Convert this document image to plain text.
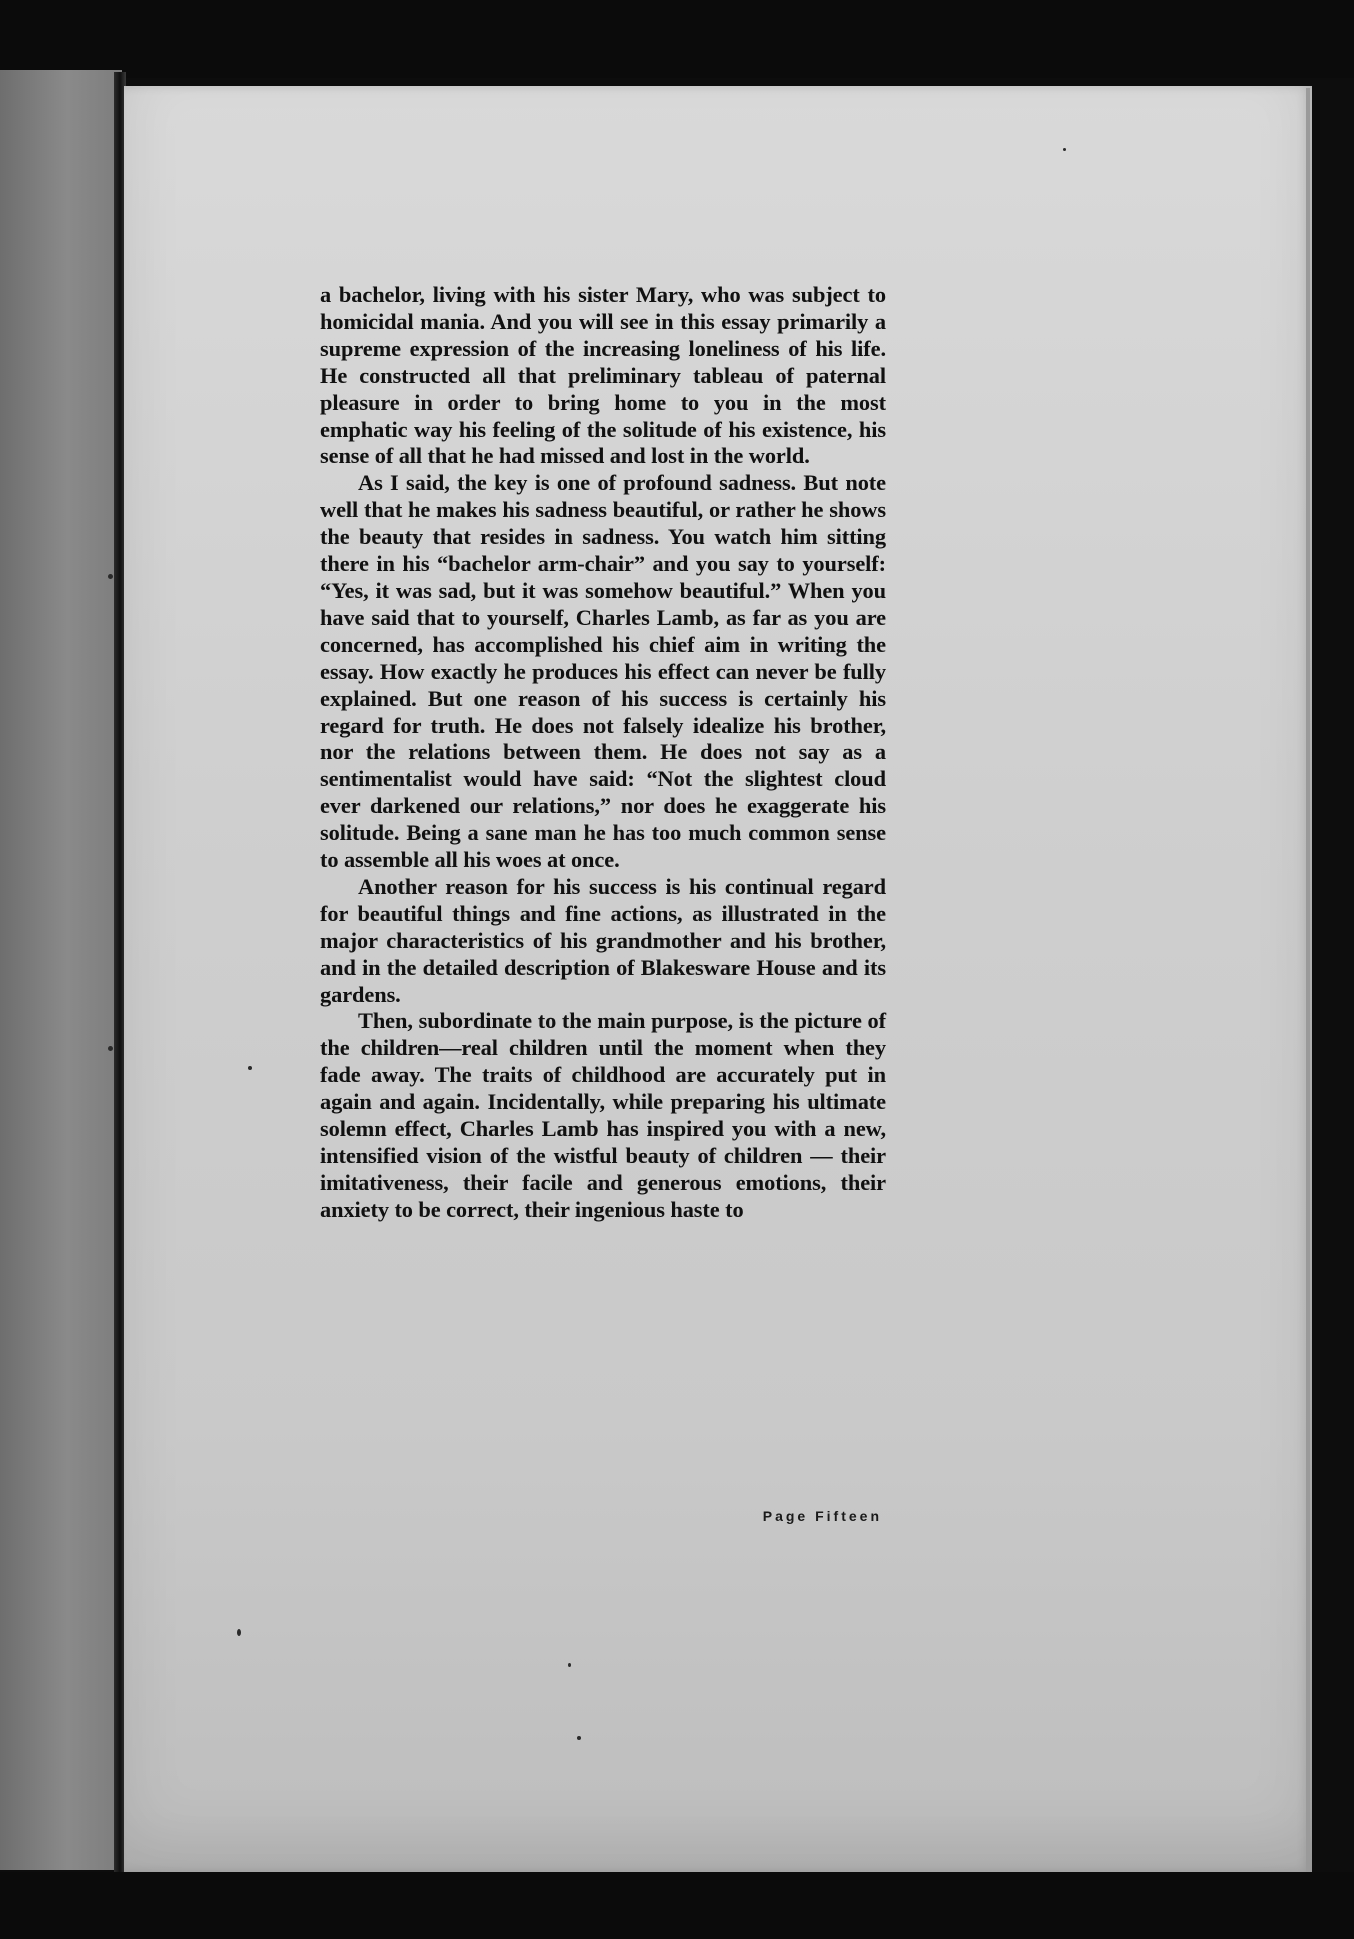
a bachelor, living with his sister Mary, who was subject to homicidal mania. And you will see in this essay primarily a supreme expression of the increasing loneliness of his life. He constructed all that preliminary tableau of paternal pleasure in order to bring home to you in the most emphatic way his feeling of the solitude of his existence, his sense of all that he had missed and lost in the world.

As I said, the key is one of profound sadness. But note well that he makes his sadness beautiful, or rather he shows the beauty that resides in sadness. You watch him sitting there in his “bachelor arm-chair” and you say to yourself: “Yes, it was sad, but it was somehow beautiful.” When you have said that to yourself, Charles Lamb, as far as you are concerned, has accomplished his chief aim in writing the essay. How exactly he produces his effect can never be fully explained. But one reason of his success is certainly his regard for truth. He does not falsely idealize his brother, nor the relations between them. He does not say as a sentimentalist would have said: “Not the slightest cloud ever darkened our relations,” nor does he exaggerate his solitude. Being a sane man he has too much common sense to assemble all his woes at once.

Another reason for his success is his continual regard for beautiful things and fine actions, as illustrated in the major characteristics of his grandmother and his brother, and in the detailed description of Blakesware House and its gardens.

Then, subordinate to the main purpose, is the picture of the children—real children until the moment when they fade away. The traits of childhood are accurately put in again and again. Incidentally, while preparing his ultimate solemn effect, Charles Lamb has inspired you with a new, intensified vision of the wistful beauty of children — their imitativeness, their facile and generous emotions, their anxiety to be correct, their ingenious haste to

Page Fifteen
